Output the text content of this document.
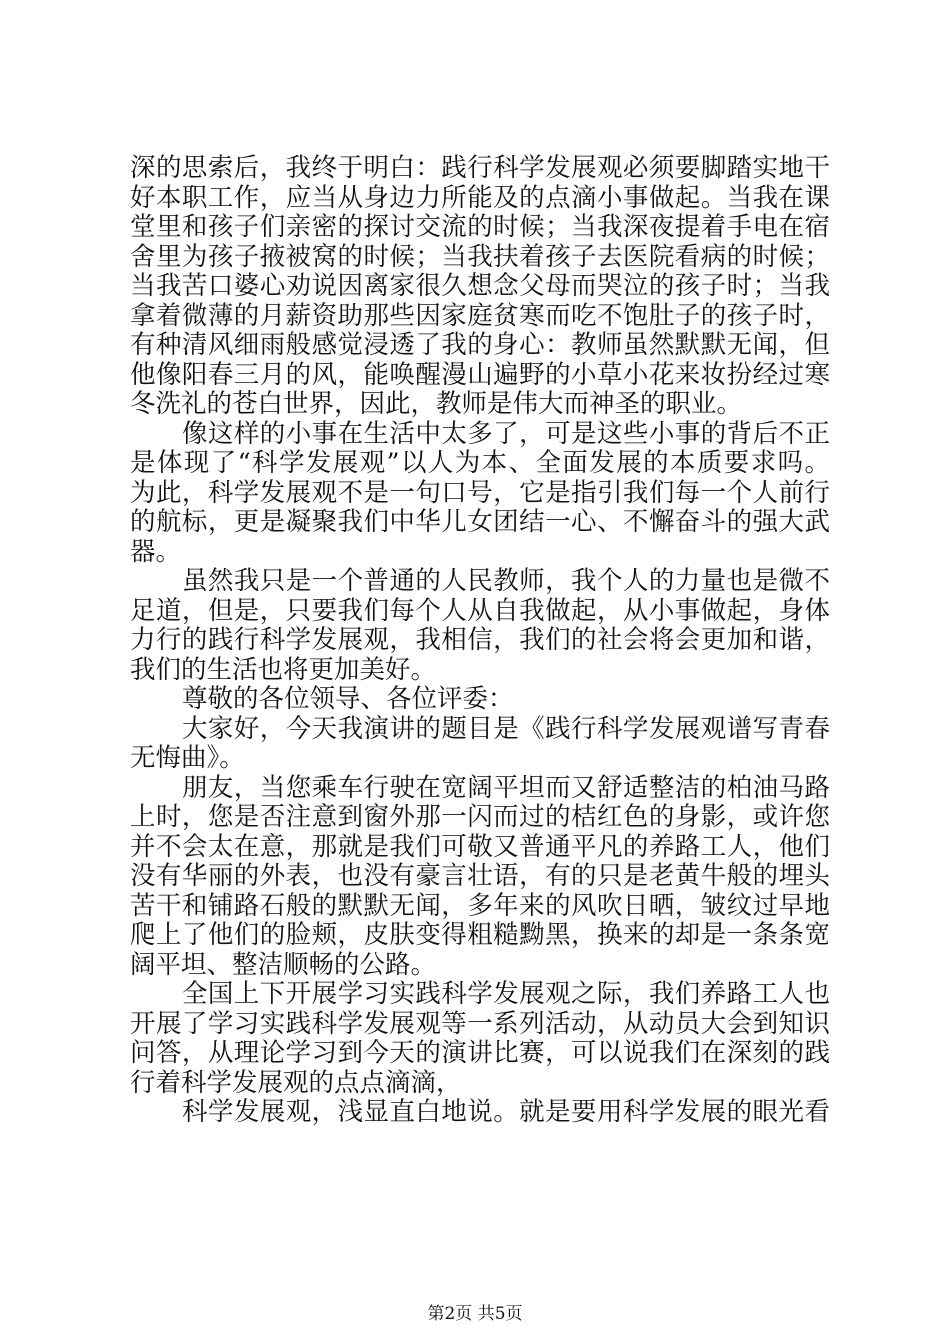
深的思索后，我终于明白：践行科学发展观必须要脚踏实地干
好本职工作，应当从身边力所能及的点滴小事做起。当我在课
堂里和孩子们亲密的探讨交流的时候；当我深夜提着手电在宿
舍里为孩子掖被窝的时候；当我扶着孩子去医院看病的时候；
当我苦口婆心劝说因离家很久想念父母而哭泣的孩子时；当我
拿着微薄的月薪资助那些因家庭贫寒而吃不饱肚子的孩子时，
有种清风细雨般感觉浸透了我的身心：教师虽然默默无闻，但
他像阳春三月的风，能唤醒漫山遍野的小草小花来妆扮经过寒
冬洗礼的苍白世界，因此，教师是伟大而神圣的职业。
像这样的小事在生活中太多了，可是这些小事的背后不正
是体现了“科学发展观”以人为本、全面发展的本质要求吗。
为此，科学发展观不是一句口号，它是指引我们每一个人前行
的航标，更是凝聚我们中华儿女团结一心、不懈奋斗的强大武
器。
虽然我只是一个普通的人民教师，我个人的力量也是微不
足道，但是，只要我们每个人从自我做起，从小事做起，身体
力行的践行科学发展观，我相信，我们的社会将会更加和谐，
我们的生活也将更加美好。
尊敬的各位领导、各位评委：
大家好，今天我演讲的题目是《践行科学发展观谱写青春
无悔曲》。
朋友，当您乘车行驶在宽阔平坦而又舒适整洁的柏油马路
上时，您是否注意到窗外那一闪而过的桔红色的身影，或许您
并不会太在意，那就是我们可敬又普通平凡的养路工人，他们
没有华丽的外表，也没有豪言壮语，有的只是老黄牛般的埋头
苦干和铺路石般的默默无闻，多年来的风吹日晒，皱纹过早地
爬上了他们的脸颊，皮肤变得粗糙黝黑，换来的却是一条条宽
阔平坦、整洁顺畅的公路。
全国上下开展学习实践科学发展观之际，我们养路工人也
开展了学习实践科学发展观等一系列活动，从动员大会到知识
问答，从理论学习到今天的演讲比赛，可以说我们在深刻的践
行着科学发展观的点点滴滴，
科学发展观，浅显直白地说。就是要用科学发展的眼光看
第2页 共5页
